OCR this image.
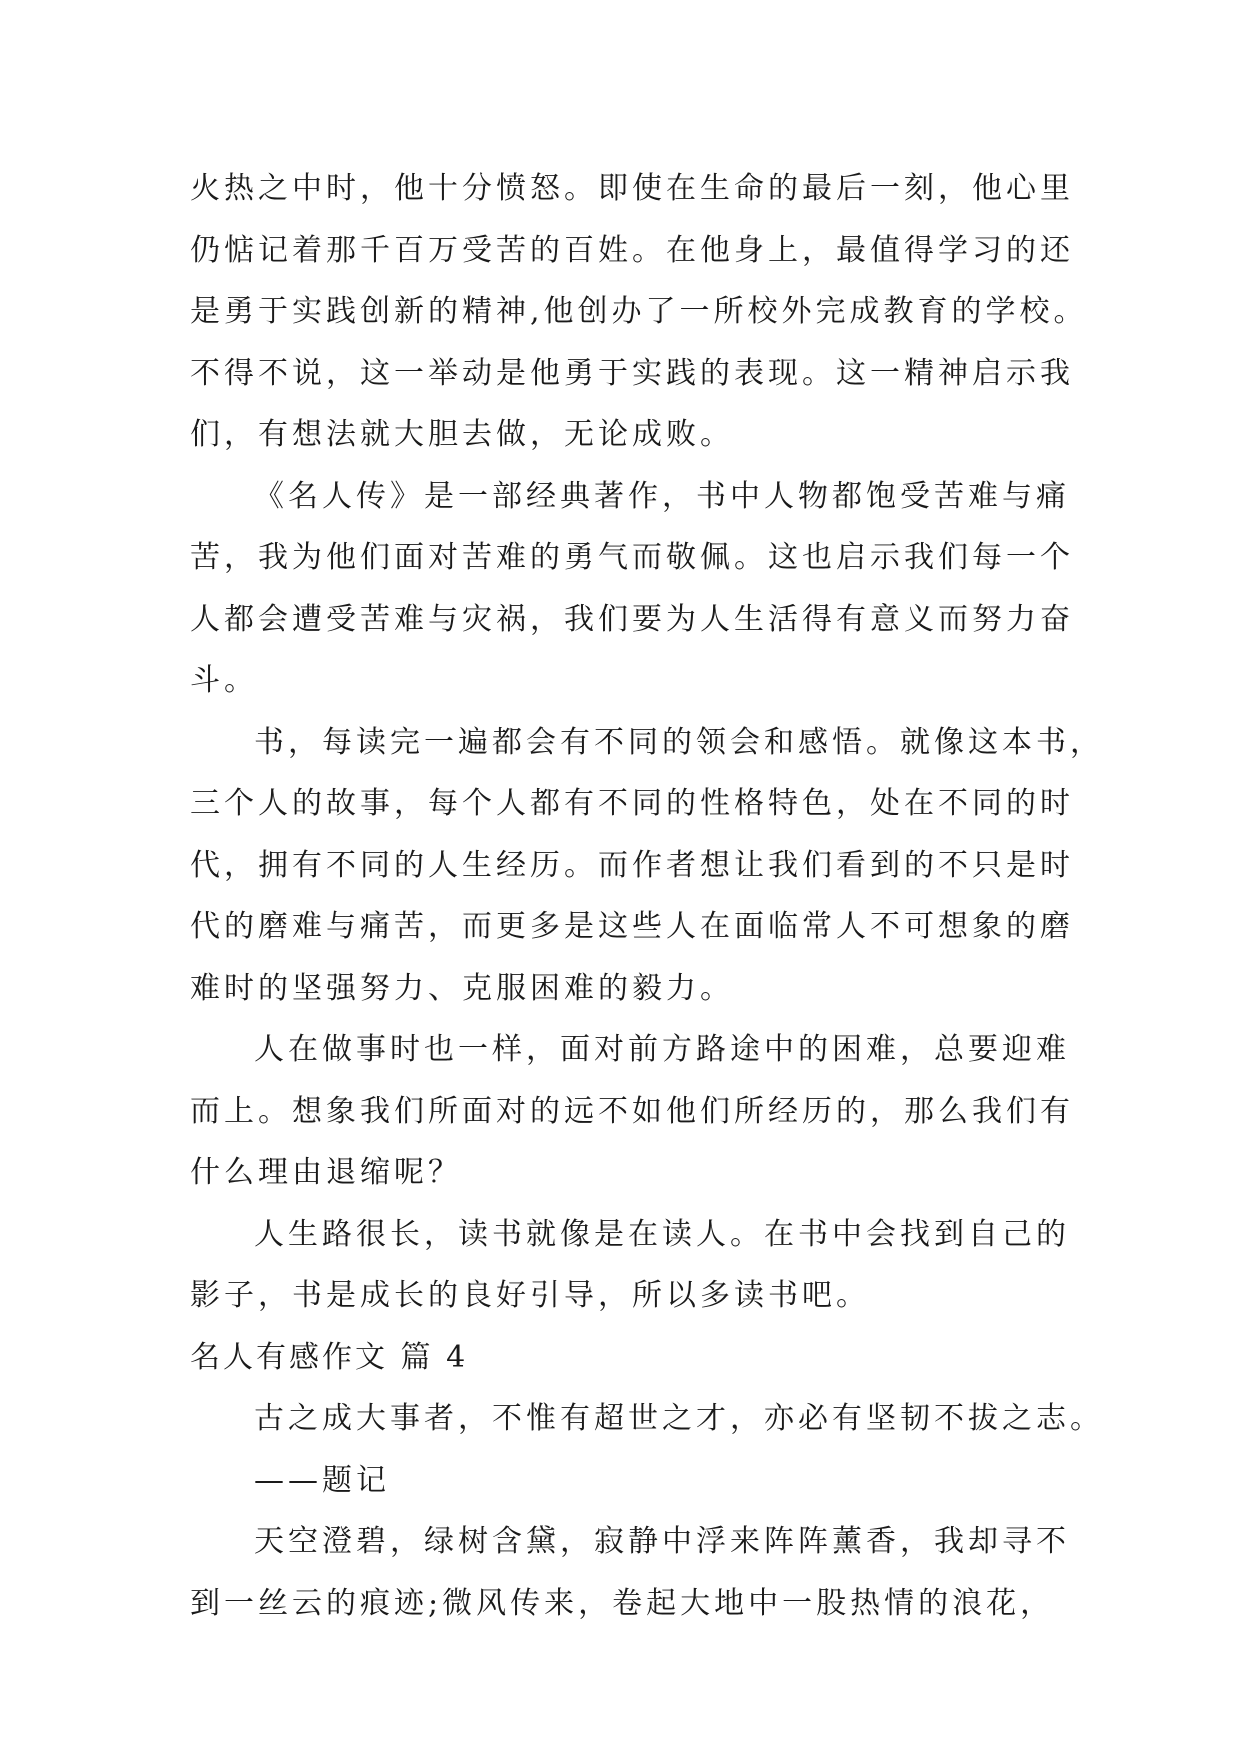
火热之中时，他十分愤怒。即使在生命的最后一刻，他心里
仍惦记着那千百万受苦的百姓。在他身上，最值得学习的还
是勇于实践创新的精神,他创办了一所校外完成教育的学校。
不得不说，这一举动是他勇于实践的表现。这一精神启示我
们，有想法就大胆去做，无论成败。
《名人传》是一部经典著作，书中人物都饱受苦难与痛
苦，我为他们面对苦难的勇气而敬佩。这也启示我们每一个
人都会遭受苦难与灾祸，我们要为人生活得有意义而努力奋
斗。
书，每读完一遍都会有不同的领会和感悟。就像这本书，
三个人的故事，每个人都有不同的性格特色，处在不同的时
代，拥有不同的人生经历。而作者想让我们看到的不只是时
代的磨难与痛苦，而更多是这些人在面临常人不可想象的磨
难时的坚强努力、克服困难的毅力。
人在做事时也一样，面对前方路途中的困难，总要迎难
而上。想象我们所面对的远不如他们所经历的，那么我们有
什么理由退缩呢？
人生路很长，读书就像是在读人。在书中会找到自己的
影子，书是成长的良好引导，所以多读书吧。
名人有感作文 篇 4
古之成大事者，不惟有超世之才，亦必有坚韧不拔之志。
——题记
天空澄碧，绿树含黛，寂静中浮来阵阵薰香，我却寻不
到一丝云的痕迹;微风传来，卷起大地中一股热情的浪花，
